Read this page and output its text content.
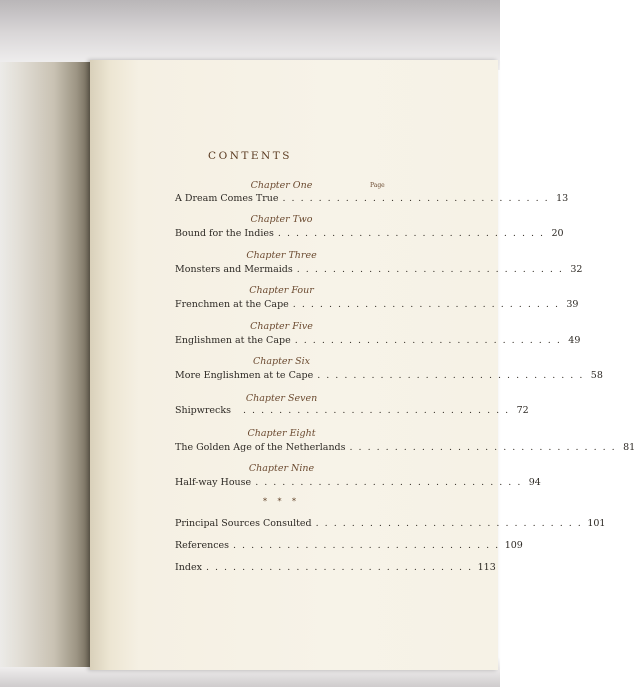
CONTENTS
Page
Chapter One
A Dream Comes True . . . . . . . . . . . . . . . . . . . . . . . . . . . . . . 13
Chapter Two
Bound for the Indies . . . . . . . . . . . . . . . . . . . . . . . . . . . . . . 20
Chapter Three
Monsters and Mermaids . . . . . . . . . . . . . . . . . . . . . . . . . . . . . . 32
Chapter Four
Frenchmen at the Cape . . . . . . . . . . . . . . . . . . . . . . . . . . . . . . 39
Chapter Five
Englishmen at the Cape . . . . . . . . . . . . . . . . . . . . . . . . . . . . . . 49
Chapter Six
More Englishmen at te Cape . . . . . . . . . . . . . . . . . . . . . . . . . . . . . . 58
Chapter Seven
Shipwrecks . . . . . . . . . . . . . . . . . . . . . . . . . . . . . . 72
Chapter Eight
The Golden Age of the Netherlands . . . . . . . . . . . . . . . . . . . . . . . . . . . . . . 81
Chapter Nine
Half-way House . . . . . . . . . . . . . . . . . . . . . . . . . . . . . . 94
* * *
Principal Sources Consulted . . . . . . . . . . . . . . . . . . . . . . . . . . . . . . 101
References . . . . . . . . . . . . . . . . . . . . . . . . . . . . . . 109
Index . . . . . . . . . . . . . . . . . . . . . . . . . . . . . . 113
